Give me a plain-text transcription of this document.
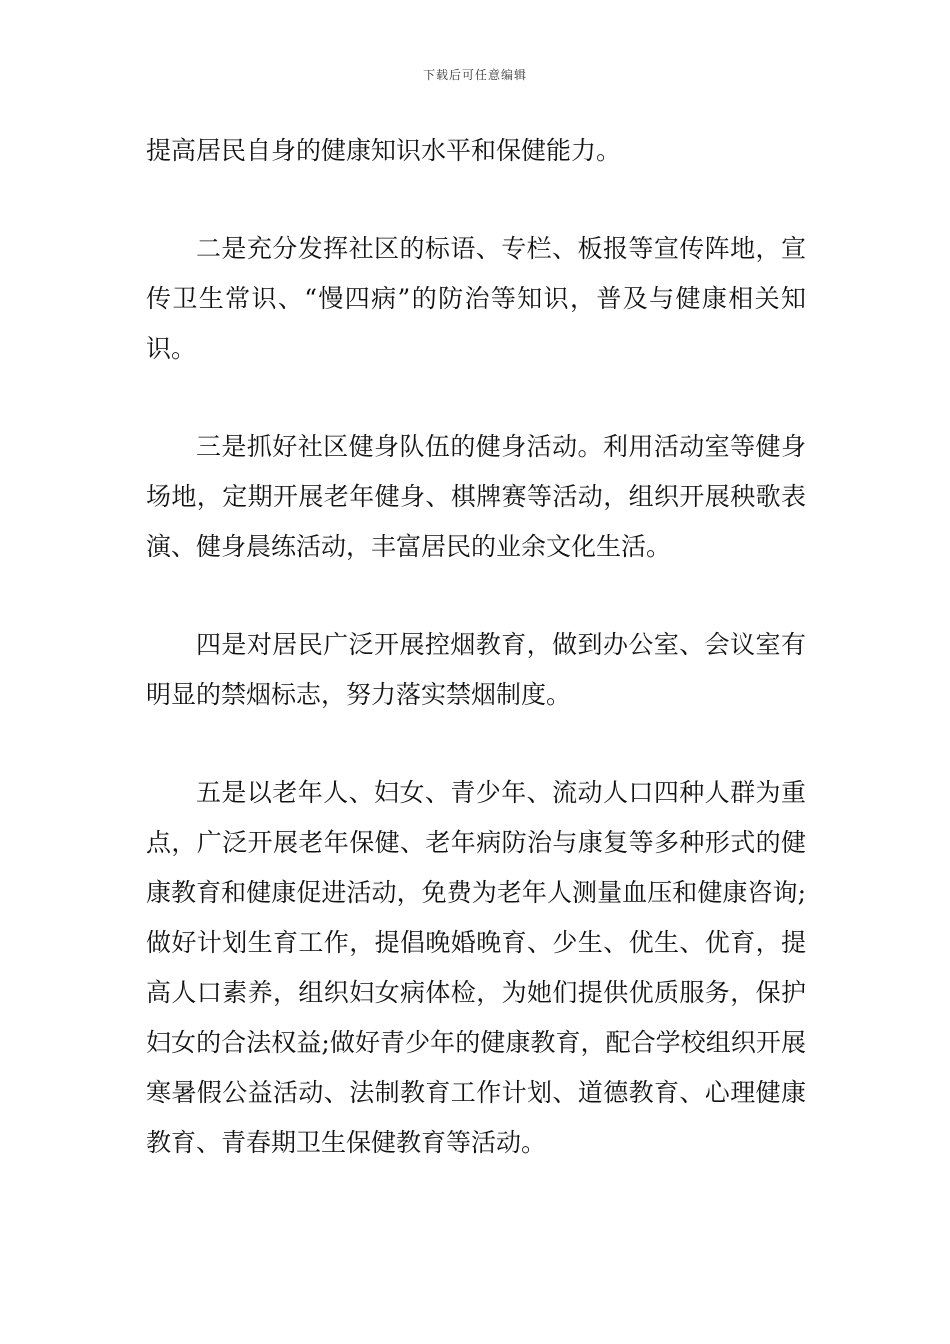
下载后可任意编辑

提高居民自身的健康知识水平和保健能力。

二是充分发挥社区的标语、专栏、板报等宣传阵地，宣传卫生常识、“慢四病”的防治等知识，普及与健康相关知识。

三是抓好社区健身队伍的健身活动。利用活动室等健身场地，定期开展老年健身、棋牌赛等活动，组织开展秧歌表演、健身晨练活动，丰富居民的业余文化生活。

四是对居民广泛开展控烟教育，做到办公室、会议室有明显的禁烟标志，努力落实禁烟制度。

五是以老年人、妇女、青少年、流动人口四种人群为重点，广泛开展老年保健、老年病防治与康复等多种形式的健康教育和健康促进活动，免费为老年人测量血压和健康咨询;做好计划生育工作，提倡晚婚晚育、少生、优生、优育，提高人口素养，组织妇女病体检，为她们提供优质服务，保护妇女的合法权益;做好青少年的健康教育，配合学校组织开展寒暑假公益活动、法制教育工作计划、道德教育、心理健康教育、青春期卫生保健教育等活动。
